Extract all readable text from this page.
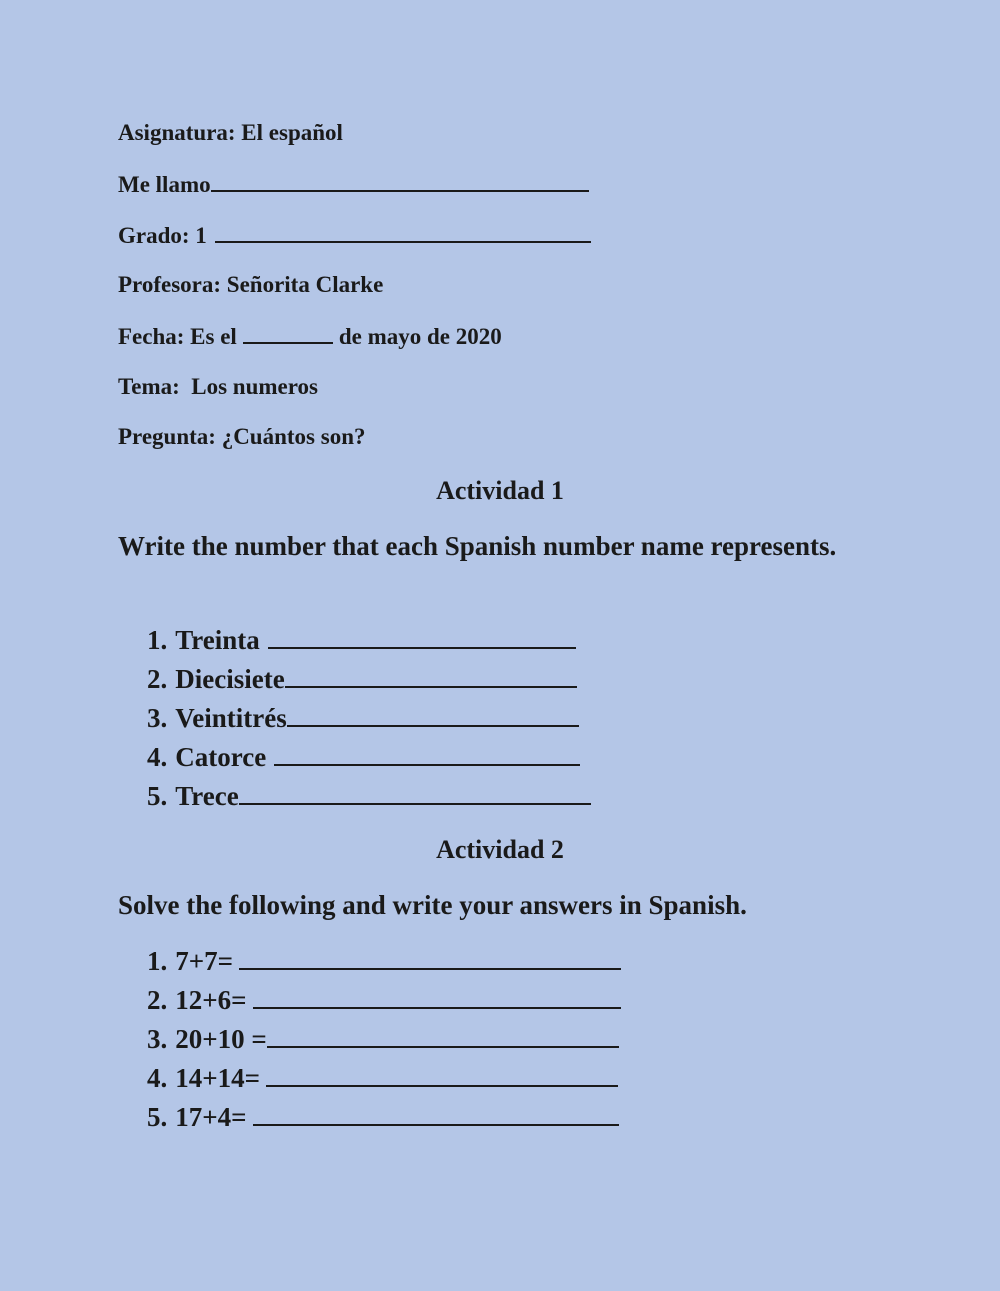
Asignatura: El español
Me llamo
Grado: 1
Profesora: Señorita Clarke
Fecha: Es el	de mayo de 2020
Tema:  Los numeros
Pregunta: ¿Cuántos son?
Actividad 1
Write the number that each Spanish number name represents.
1. Treinta
2. Diecisiete
3. Veintitrés
4. Catorce
5. Trece
Actividad 2
Solve the following and write your answers in Spanish.
1. 7+7=
2. 12+6=
3. 20+10 =
4. 14+14=
5. 17+4=
